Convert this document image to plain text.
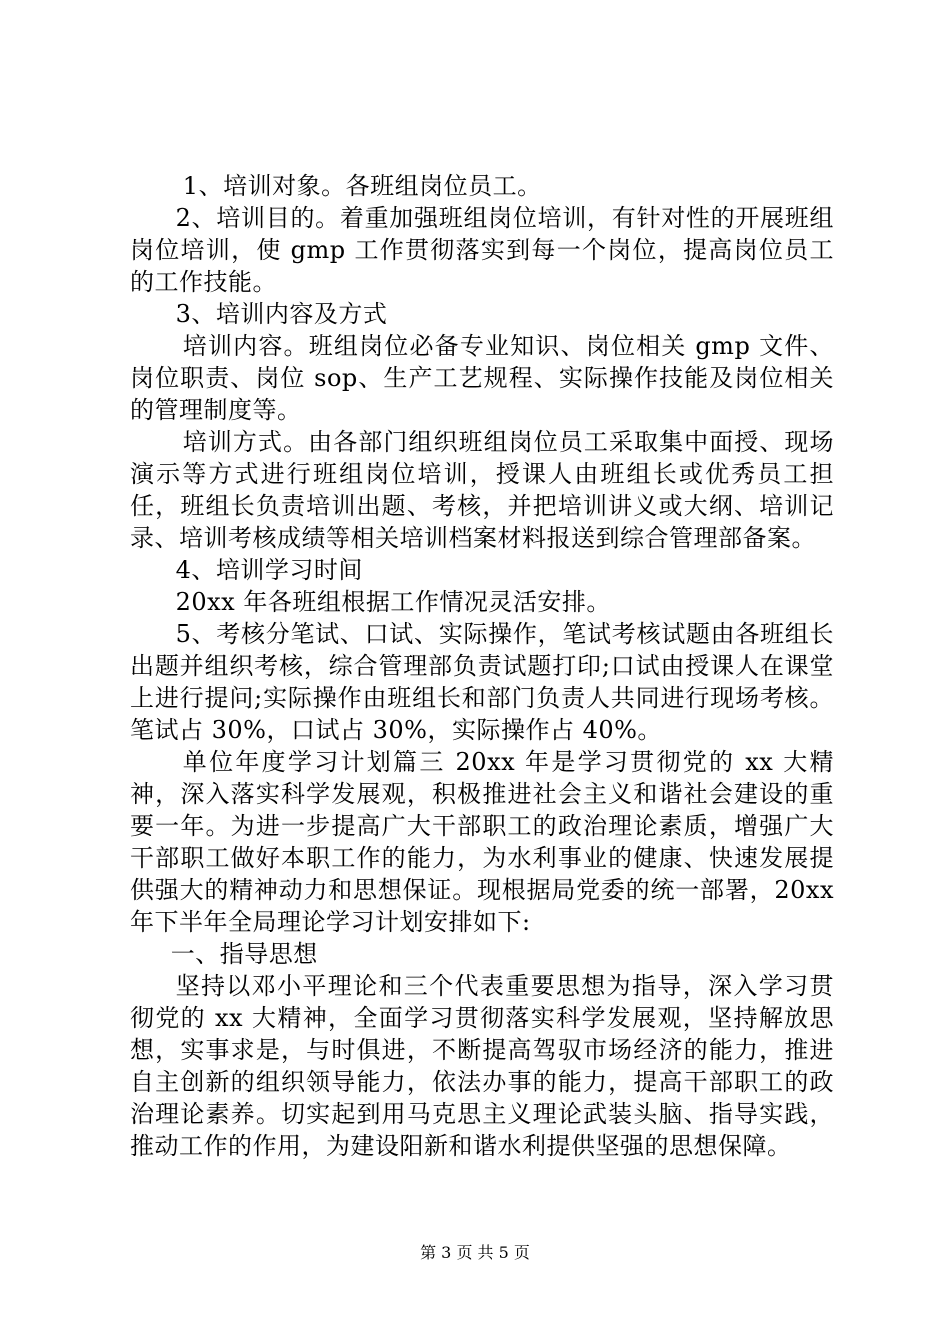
1、培训对象。各班组岗位员工。

2、培训目的。着重加强班组岗位培训，有针对性的开展班组岗位培训，使 gmp 工作贯彻落实到每一个岗位，提高岗位员工的工作技能。

3、培训内容及方式

培训内容。班组岗位必备专业知识、岗位相关 gmp 文件、岗位职责、岗位 sop、生产工艺规程、实际操作技能及岗位相关的管理制度等。

培训方式。由各部门组织班组岗位员工采取集中面授、现场演示等方式进行班组岗位培训，授课人由班组长或优秀员工担任，班组长负责培训出题、考核，并把培训讲义或大纲、培训记录、培训考核成绩等相关培训档案材料报送到综合管理部备案。

4、培训学习时间

20xx 年各班组根据工作情况灵活安排。

5、考核分笔试、口试、实际操作，笔试考核试题由各班组长出题并组织考核，综合管理部负责试题打印;口试由授课人在课堂上进行提问;实际操作由班组长和部门负责人共同进行现场考核。笔试占 30%，口试占 30%，实际操作占 40%。

单位年度学习计划篇三 20xx 年是学习贯彻党的 xx 大精神，深入落实科学发展观，积极推进社会主义和谐社会建设的重要一年。为进一步提高广大干部职工的政治理论素质，增强广大干部职工做好本职工作的能力，为水利事业的健康、快速发展提供强大的精神动力和思想保证。现根据局党委的统一部署，20xx 年下半年全局理论学习计划安排如下:

一、指导思想

坚持以邓小平理论和三个代表重要思想为指导，深入学习贯彻党的 xx 大精神，全面学习贯彻落实科学发展观，坚持解放思想，实事求是，与时俱进，不断提高驾驭市场经济的能力，推进自主创新的组织领导能力，依法办事的能力，提高干部职工的政治理论素养。切实起到用马克思主义理论武装头脑、指导实践，推动工作的作用，为建设阳新和谐水利提供坚强的思想保障。

第 3 页 共 5 页
